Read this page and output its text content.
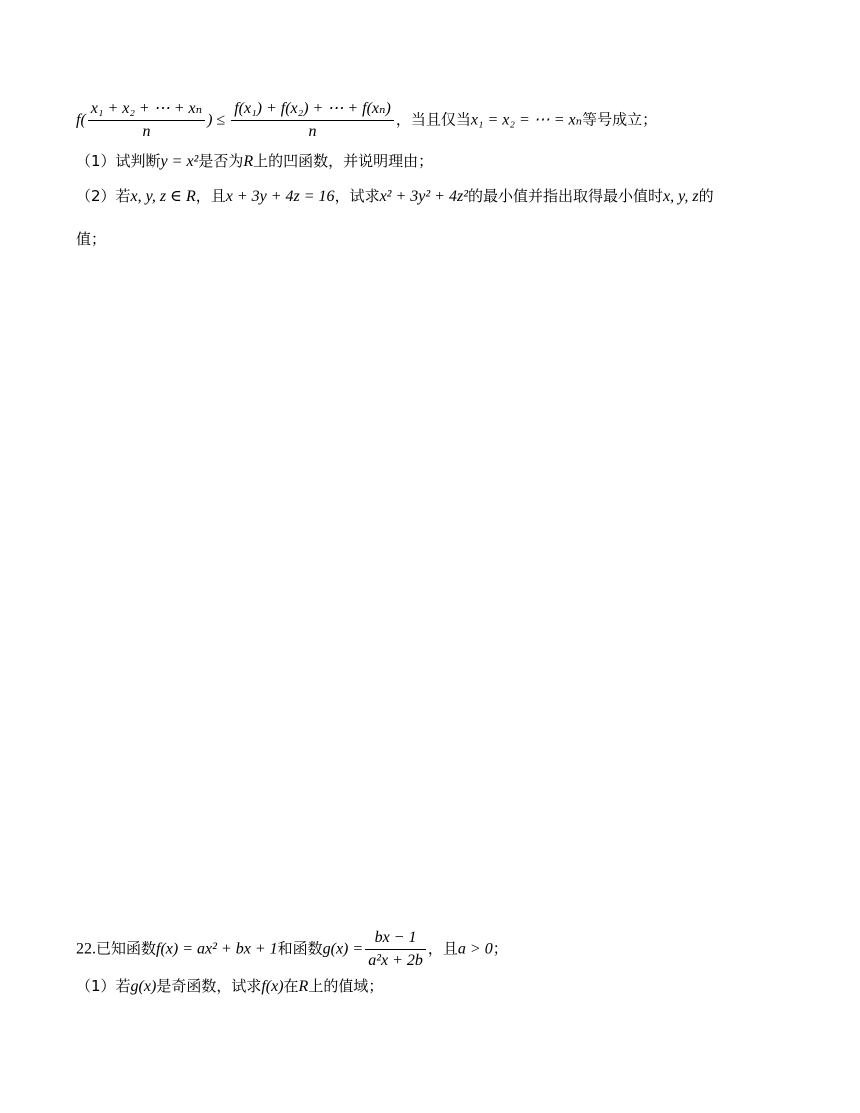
$f( \frac{\text{x₁ + x₂ + ⋯ + xₙ}}{n}$ ) ≤ $\frac{\text{f(x₁) + f(x₂) + ⋯ + f(xₙ)}}{n}$ ，当且仅当x₁ = x₂ = ⋯ = xₙ等号成立；
（1）试判断y = x²是否为R上的凹函数，并说明理由；
（2）若x, y, z ∈ R，且x + 3y + 4z = 16，试求x² + 3y² + 4z²的最小值并指出取得最小值时x, y, z的
值；
22.已知函数f(x) = ax² + bx + 1和函数$g(x) = \frac{bx - 1}{\text{a²x + 2b}}$ ，且a > 0；
（1）若g(x)是奇函数，试求f(x)在R上的值域；
